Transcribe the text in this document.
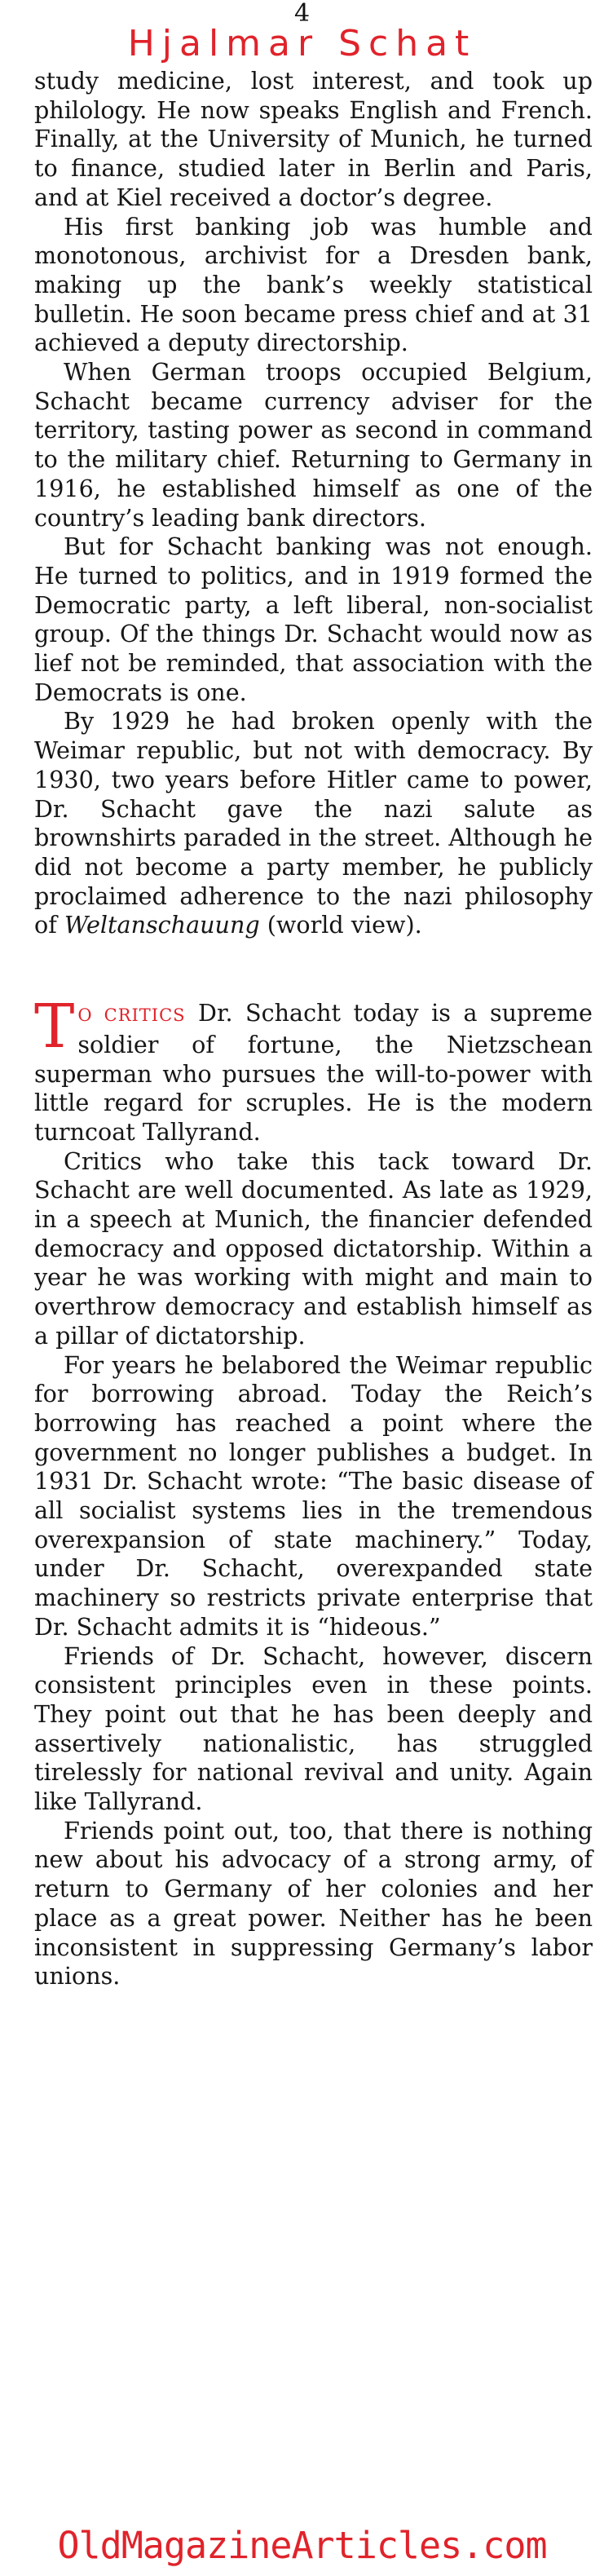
4
Hjalmar Schat

study medicine, lost interest, and took up philology. He now speaks English and French. Finally, at the University of Munich, he turned to finance, studied later in Berlin and Paris, and at Kiel received a doctor’s degree.

His first banking job was humble and monotonous, archivist for a Dresden bank, making up the bank’s weekly statistical bulletin. He soon became press chief and at 31 achieved a deputy directorship.

When German troops occupied Belgium, Schacht became currency adviser for the territory, tasting power as second in command to the military chief. Returning to Germany in 1916, he established himself as one of the country’s leading bank directors.

But for Schacht banking was not enough. He turned to politics, and in 1919 formed the Democratic party, a left liberal, non-socialist group. Of the things Dr. Schacht would now as lief not be reminded, that association with the Democrats is one.

By 1929 he had broken openly with the Weimar republic, but not with democracy. By 1930, two years before Hitler came to power, Dr. Schacht gave the nazi salute as brownshirts paraded in the street. Although he did not become a party member, he publicly proclaimed adherence to the nazi philosophy of Weltanschauung (world view).

T O CRITICS Dr. Schacht today is a supreme soldier of fortune, the Nietzschean superman who pursues the will-to-power with little regard for scruples. He is the modern turncoat Tallyrand.

Critics who take this tack toward Dr. Schacht are well documented. As late as 1929, in a speech at Munich, the financier defended democracy and opposed dictatorship. Within a year he was working with might and main to overthrow democracy and establish himself as a pillar of dictatorship.

For years he belabored the Weimar republic for borrowing abroad. Today the Reich’s borrowing has reached a point where the government no longer publishes a budget. In 1931 Dr. Schacht wrote: “The basic disease of all socialist systems lies in the tremendous overexpansion of state machinery.” Today, under Dr. Schacht, overexpanded state machinery so restricts private enterprise that Dr. Schacht admits it is “hideous.”

Friends of Dr. Schacht, however, discern consistent principles even in these points. They point out that he has been deeply and assertively nationalistic, has struggled tirelessly for national revival and unity. Again like Tallyrand.

Friends point out, too, that there is nothing new about his advocacy of a strong army, of return to Germany of her colonies and her place as a great power. Neither has he been inconsistent in suppressing Germany’s labor unions.

OldMagazineArticles.com
